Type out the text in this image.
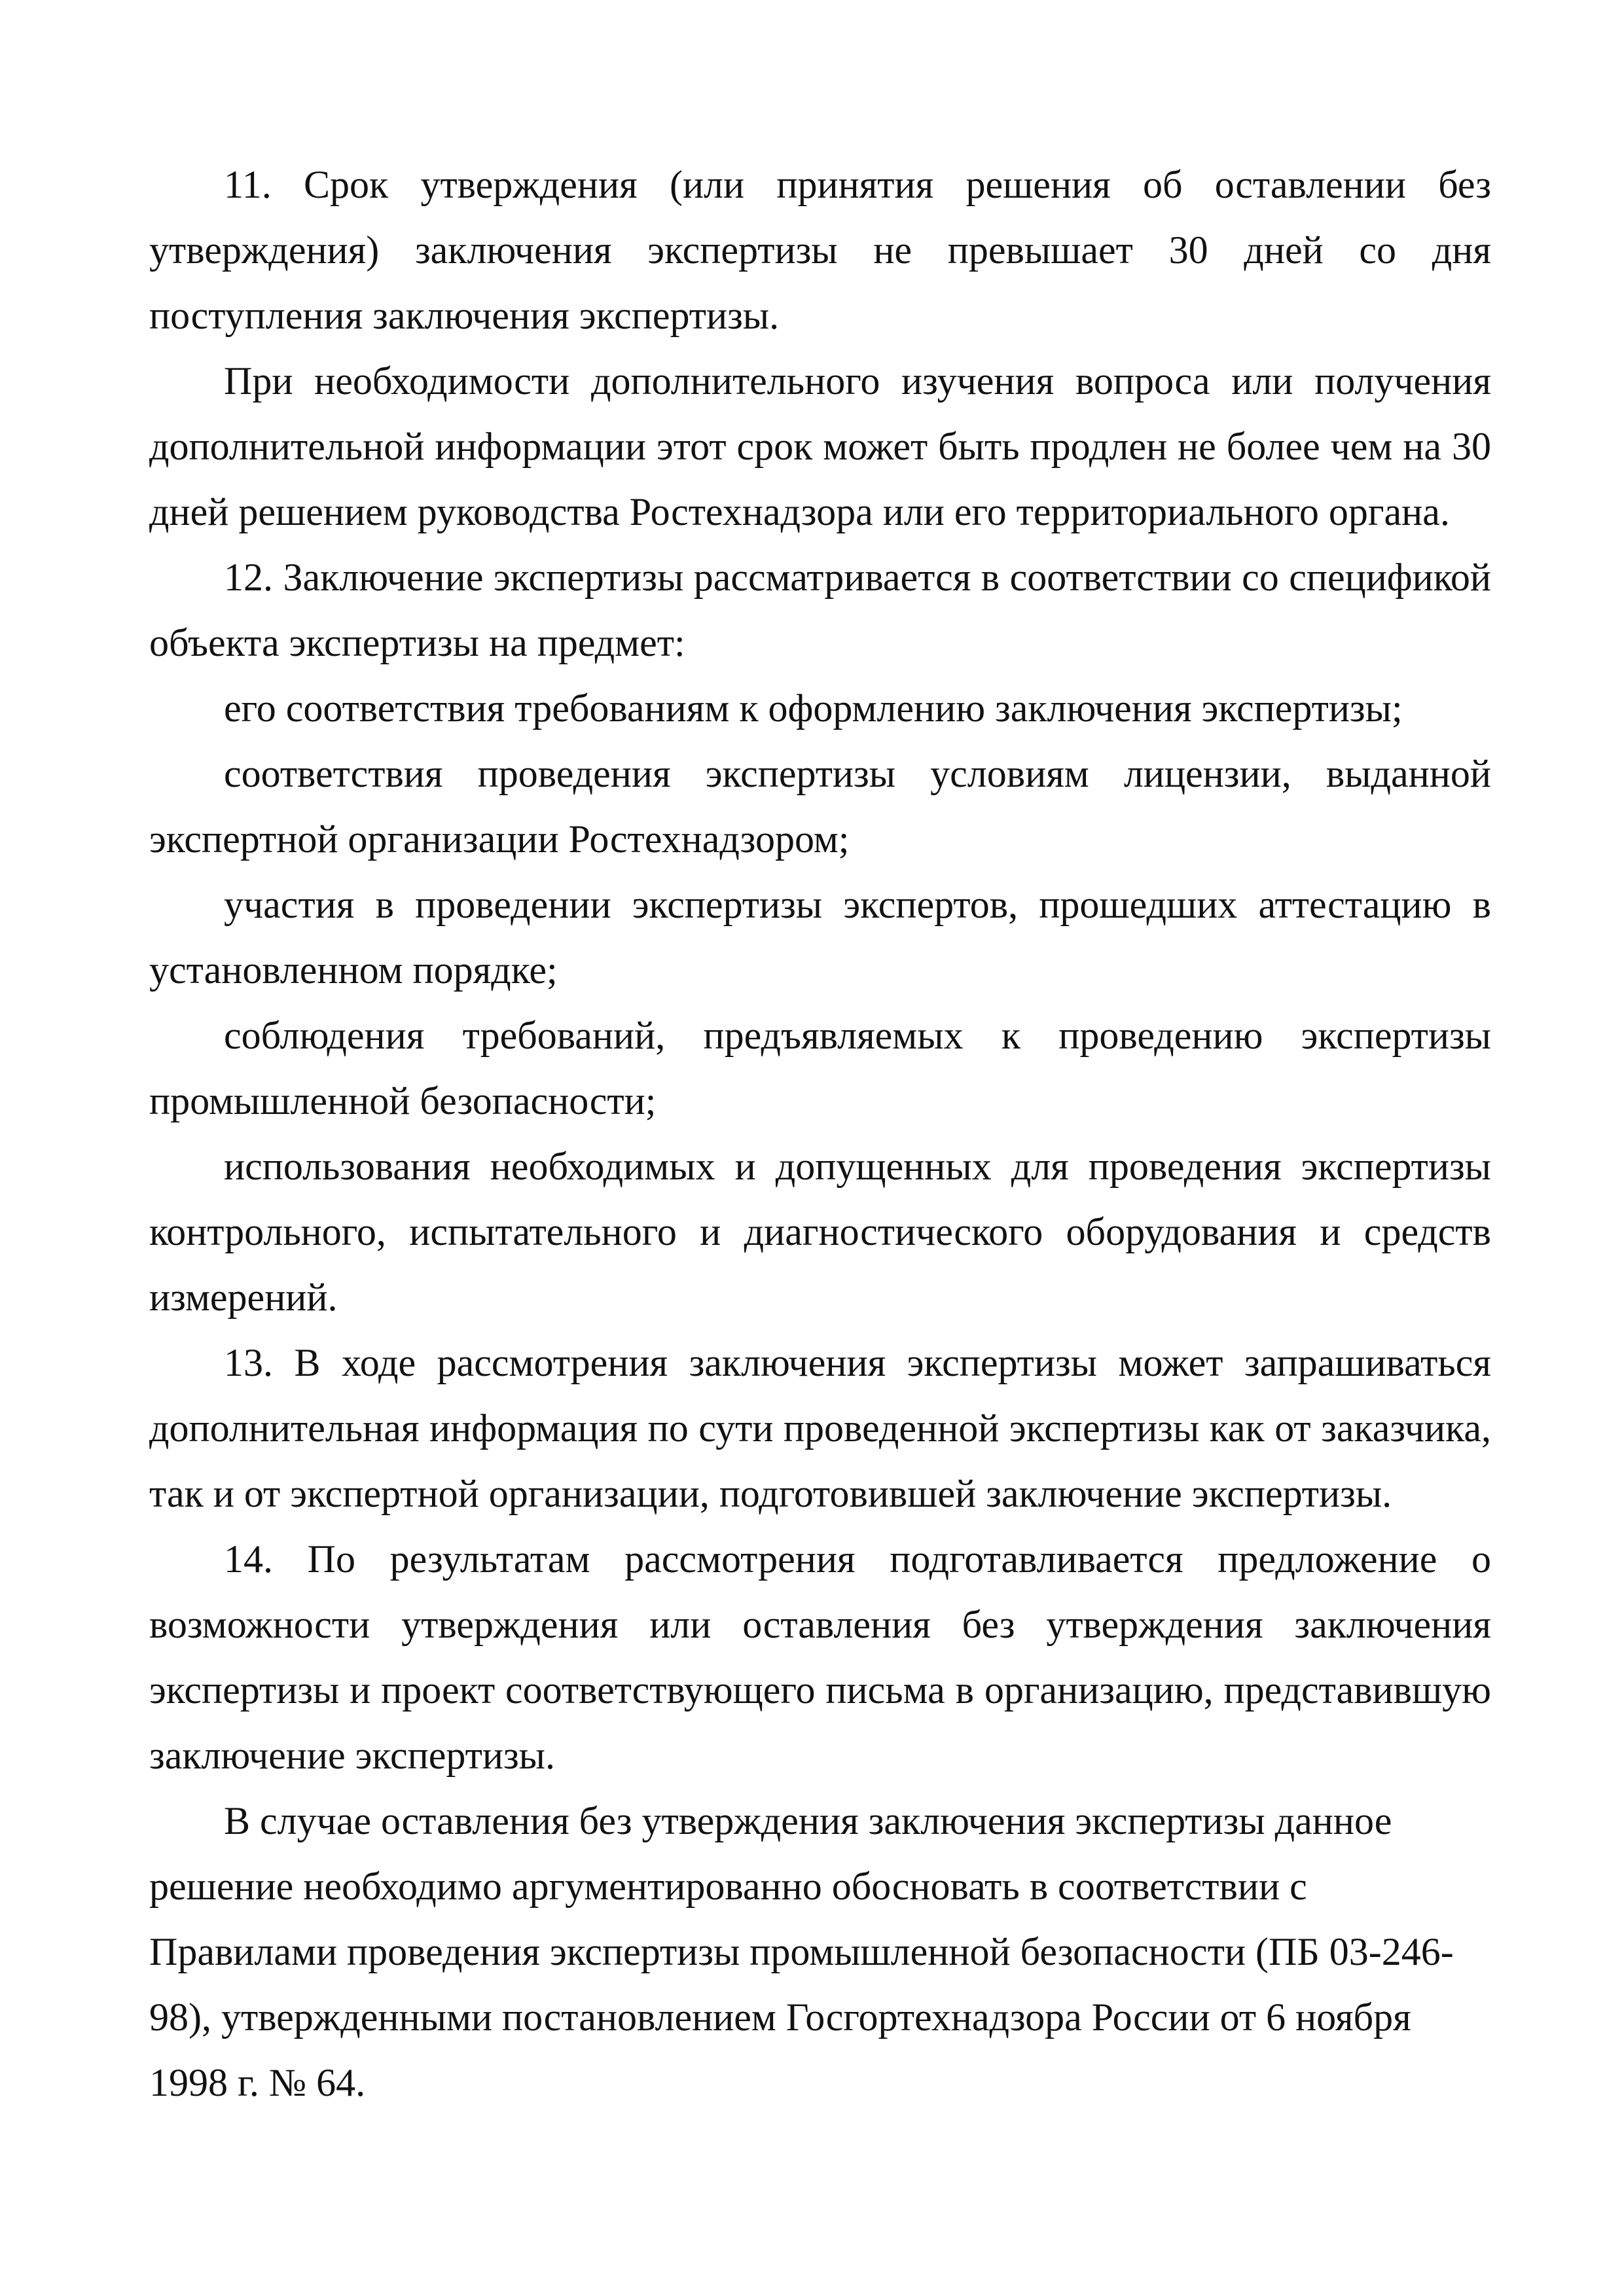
11. Срок утверждения (или принятия решения об оставлении без утверждения) заключения экспертизы не превышает 30 дней со дня поступления заключения экспертизы.

При необходимости дополнительного изучения вопроса или получения дополнительной информации этот срок может быть продлен не более чем на 30 дней решением руководства Ростехнадзора или его территориального органа.

12. Заключение экспертизы рассматривается в соответствии со спецификой объекта экспертизы на предмет:

его соответствия требованиям к оформлению заключения экспертизы;

соответствия проведения экспертизы условиям лицензии, выданной экспертной организации Ростехнадзором;

участия в проведении экспертизы экспертов, прошедших аттестацию в установленном порядке;

соблюдения требований, предъявляемых к проведению экспертизы промышленной безопасности;

использования необходимых и допущенных для проведения экспертизы контрольного, испытательного и диагностического оборудования и средств измерений.

13. В ходе рассмотрения заключения экспертизы может запрашиваться дополнительная информация по сути проведенной экспертизы как от заказчика, так и от экспертной организации, подготовившей заключение экспертизы.

14. По результатам рассмотрения подготавливается предложение о возможности утверждения или оставления без утверждения заключения экспертизы и проект соответствующего письма в организацию, представившую заключение экспертизы.

В случае оставления без утверждения заключения экспертизы данное решение необходимо аргументированно обосновать в соответствии с Правилами проведения экспертизы промышленной безопасности (ПБ 03-246-98), утвержденными постановлением Госгортехнадзора России от 6 ноября 1998 г. № 64.
